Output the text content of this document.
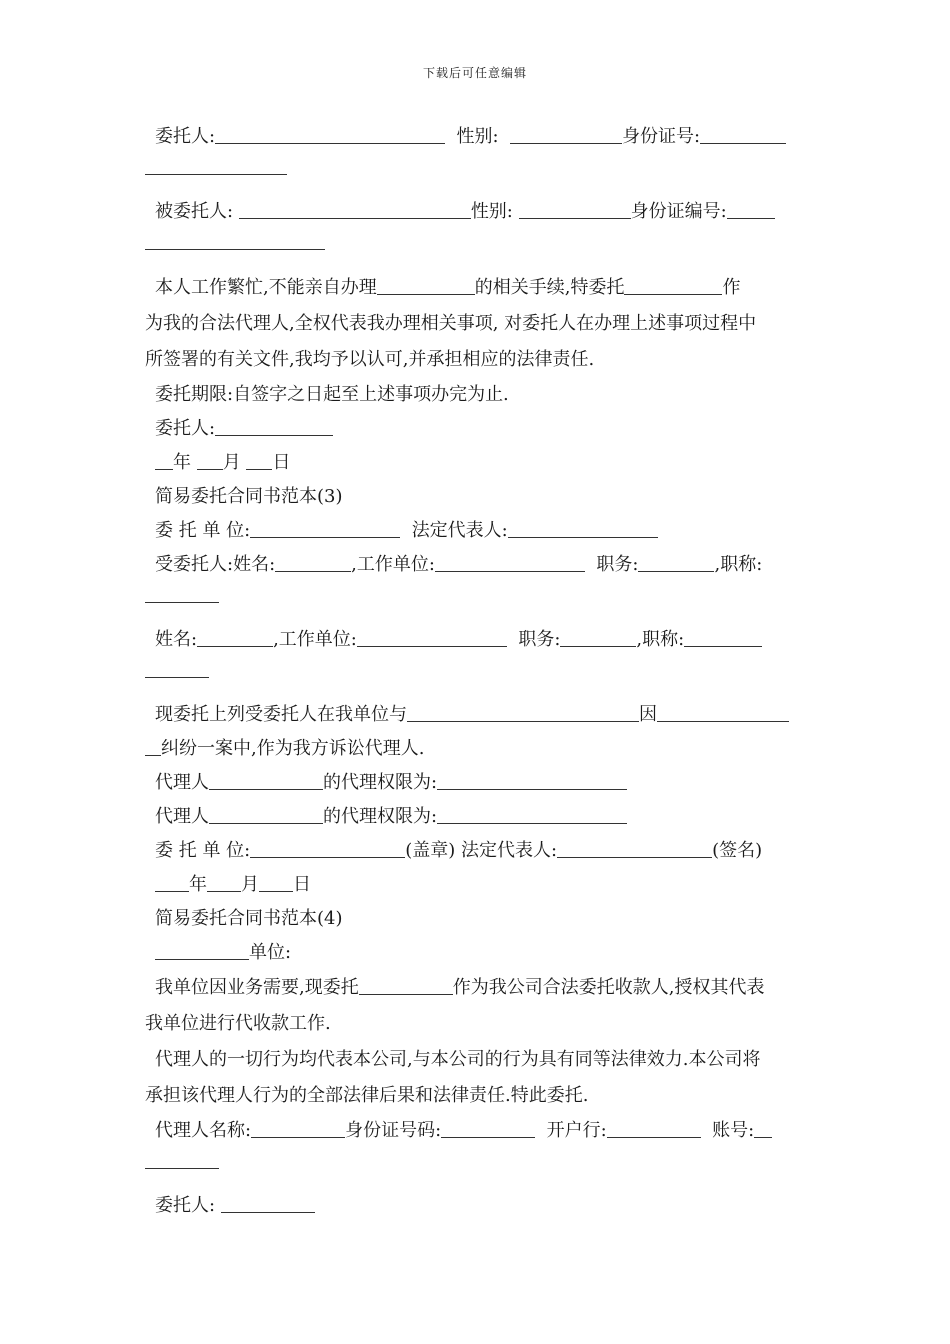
下载后可任意编辑
委托人:	性别:	身份证号:
被委托人:	性别:	身份证编号:
本人工作繁忙,不能亲自办理	的相关手续,特委托	作
为我的合法代理人,全权代表我办理相关事项, 对委托人在办理上述事项过程中
所签署的有关文件,我均予以认可,并承担相应的法律责任.
委托期限:自签字之日起至上述事项办完为止.
委托人:
年 月 日
简易委托合同书范本(3)
委 托 单 位:	法定代表人:
受委托人:姓名:	,工作单位:	职务:	,职称:
姓名:	,工作单位:	职务:	,职称:
现委托上列受委托人在我单位与	因
纠纷一案中,作为我方诉讼代理人.
代理人	的代理权限为:
代理人	的代理权限为:
委 托 单 位:	(盖章) 法定代表人:	(签名)
年 月 日
简易委托合同书范本(4)
单位:
我单位因业务需要,现委托	作为我公司合法委托收款人,授权其代表
我单位进行代收款工作.
代理人的一切行为均代表本公司,与本公司的行为具有同等法律效力.本公司将
承担该代理人行为的全部法律后果和法律责任.特此委托.
代理人名称:	身份证号码:	开户行:	账号:
委托人:
